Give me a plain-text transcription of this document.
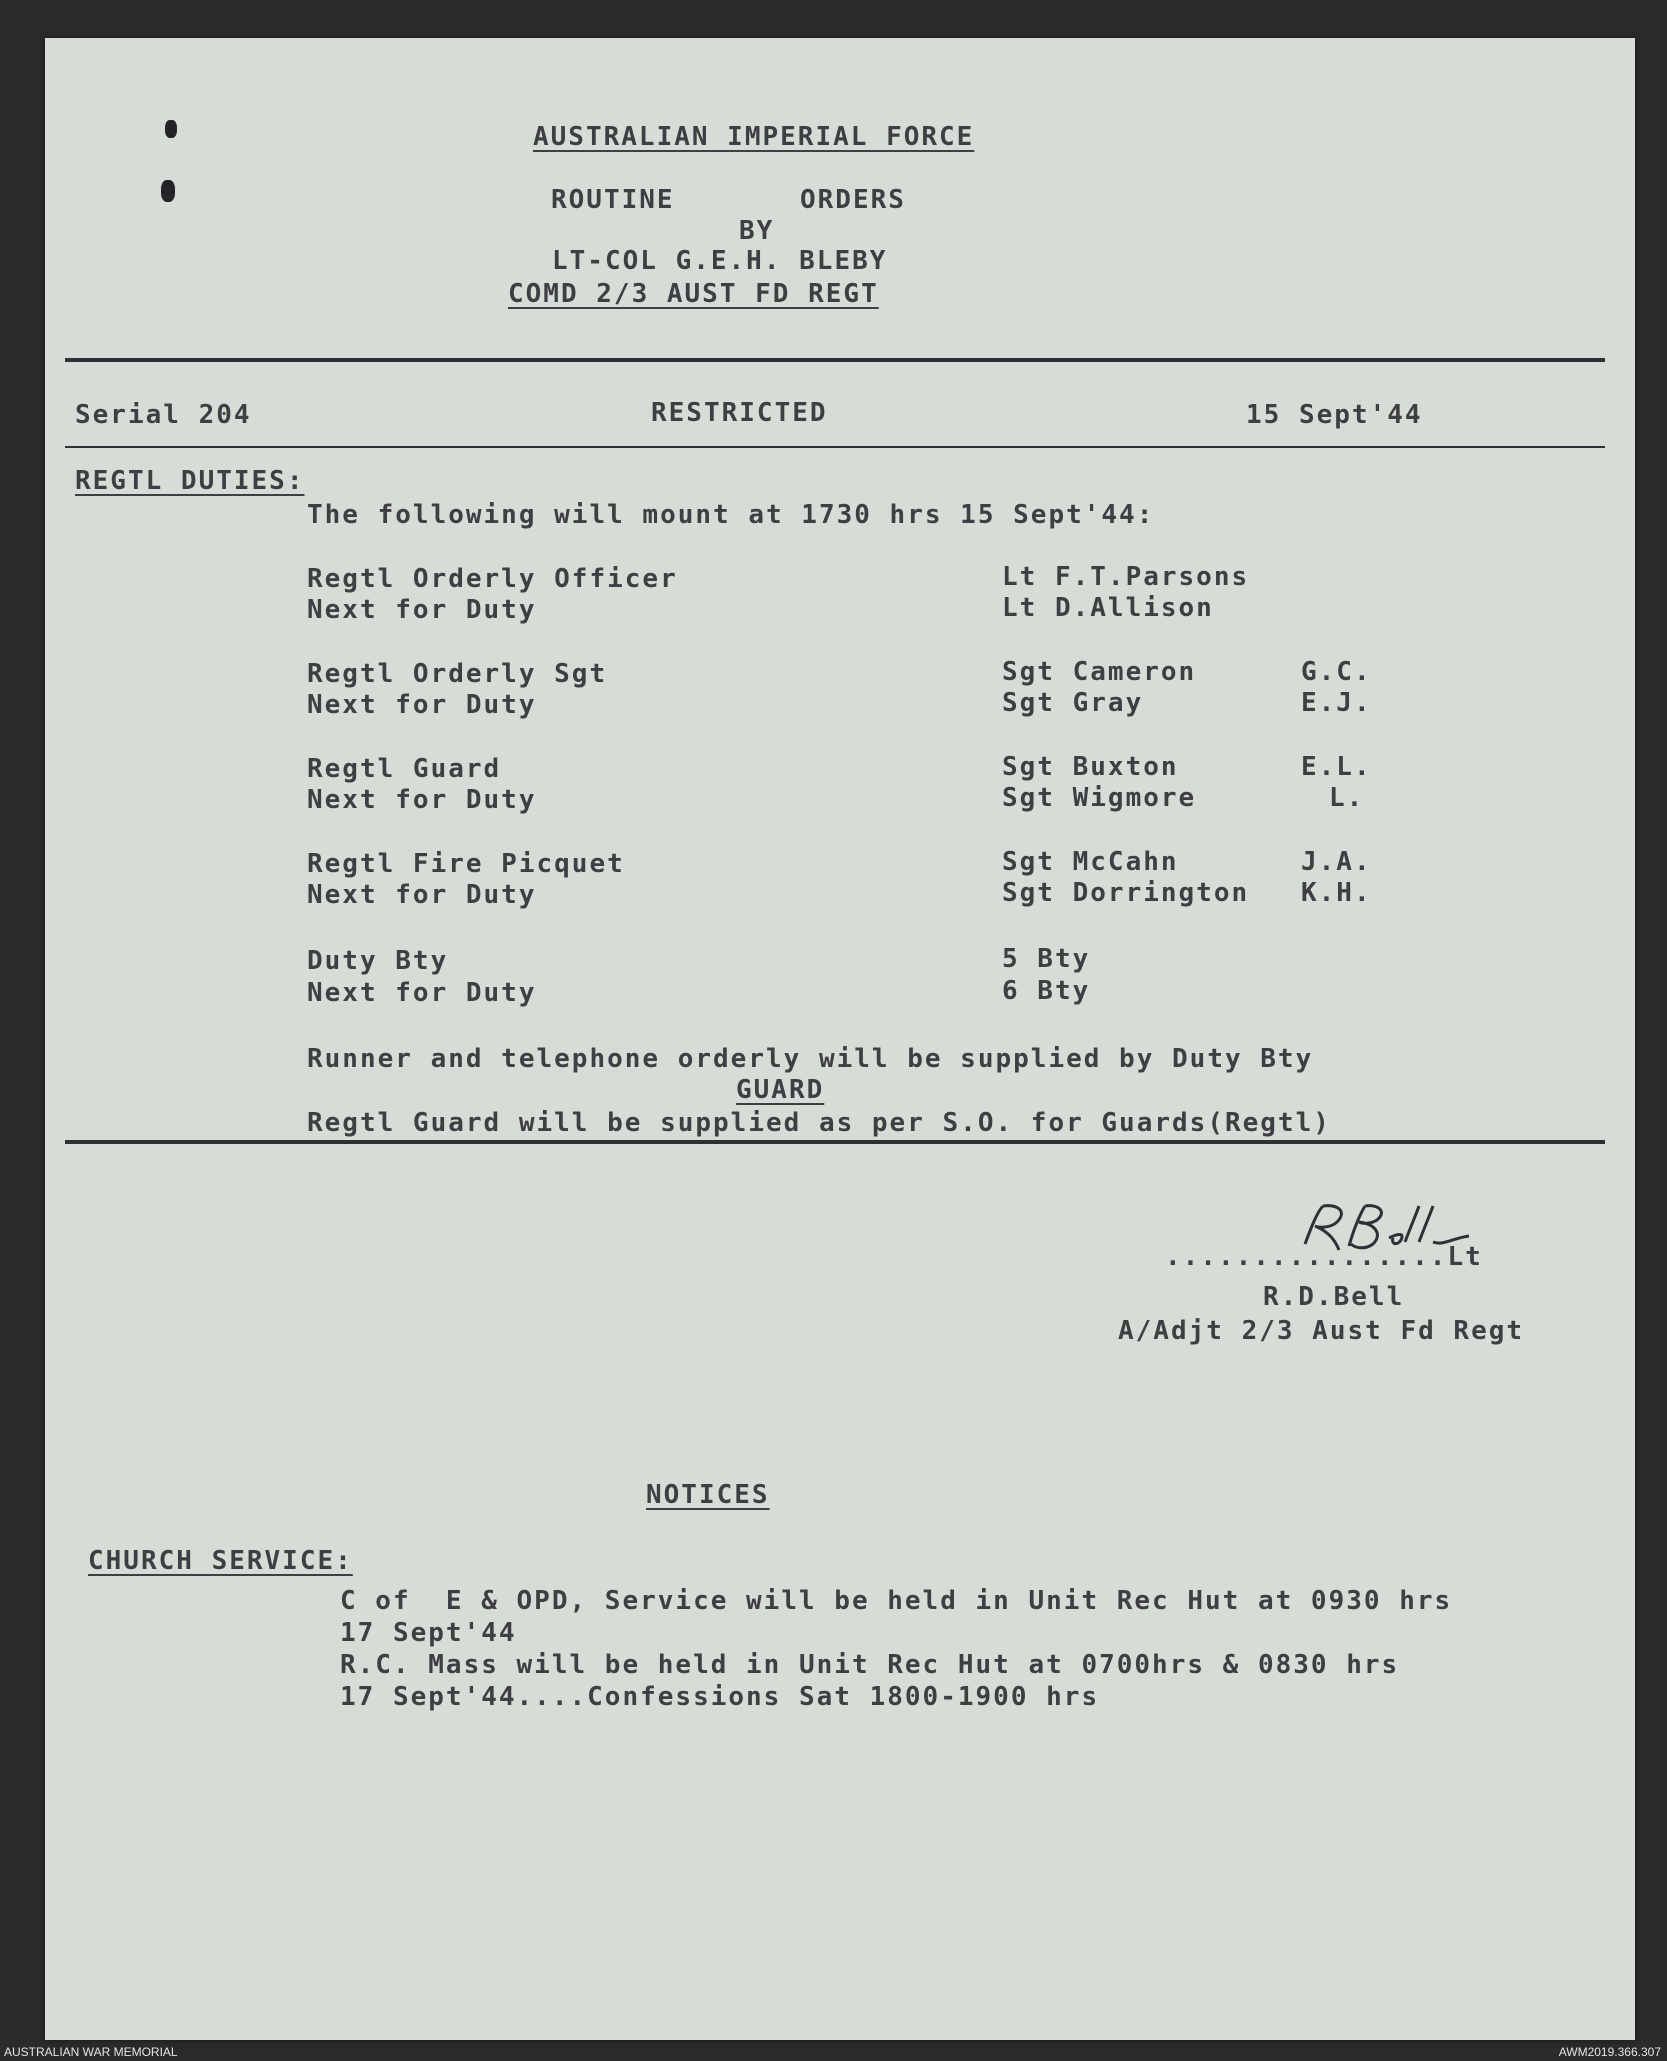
AUSTRALIAN IMPERIAL FORCE
ROUTINE	ORDERS
BY
LT-COL G.E.H. BLEBY
COMD 2/3 AUST FD REGT
Serial 204	RESTRICTED	15 Sept'44
REGTL DUTIES:
The following will mount at 1730 hrs 15 Sept'44:
Regtl Orderly Officer	Lt F.T.Parsons
Next for Duty	Lt D.Allison
Regtl Orderly Sgt	Sgt Cameron	G.C.
Next for Duty	Sgt Gray	E.J.
Regtl Guard	Sgt Buxton	E.L.
Next for Duty	Sgt Wigmore	L.
Regtl Fire Picquet	Sgt McCahn	J.A.
Next for Duty	Sgt Dorrington K.H.
Duty Bty	5 Bty
Next for Duty	6 Bty
Runner and telephone orderly will be supplied by Duty Bty
GUARD
Regtl Guard will be supplied as per S.O. for Guards(Regtl)
................Lt
R.D.Bell
R.D.Bell
A/Adjt 2/3 Aust Fd Regt
NOTICES
CHURCH SERVICE:
C of  E & OPD, Service will be held in Unit Rec Hut at 0930 hrs
17 Sept'44
R.C. Mass will be held in Unit Rec Hut at 0700hrs & 0830 hrs
17 Sept'44....Confessions Sat 1800-1900 hrs
AUSTRALIAN WAR MEMORIAL	AWM2019.366.307
